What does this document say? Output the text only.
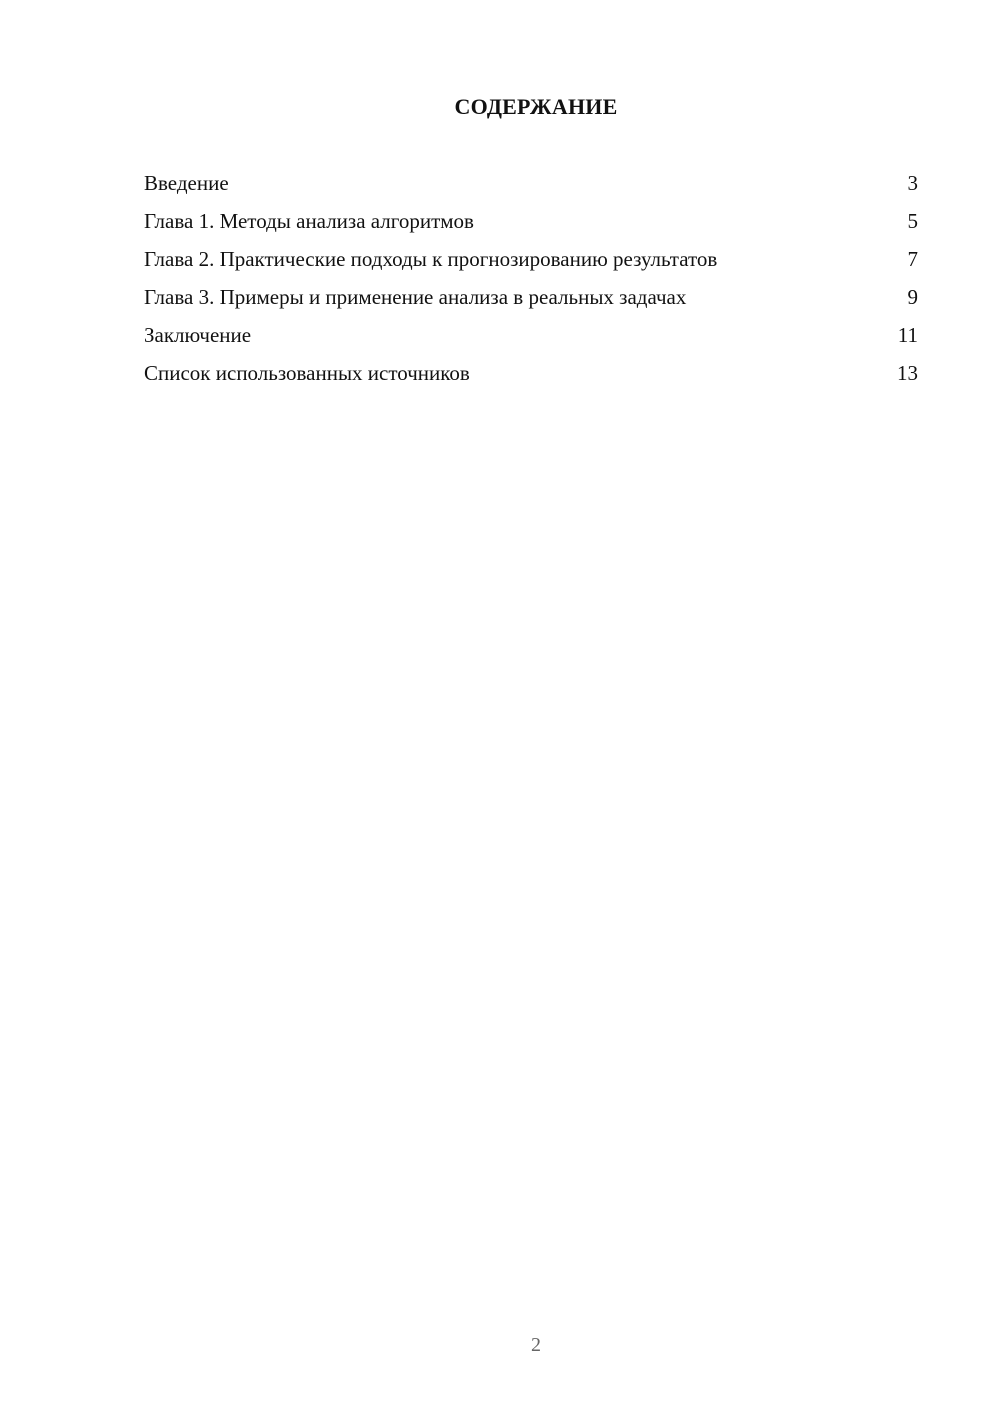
СОДЕРЖАНИЕ
Введение	3
Глава 1. Методы анализа алгоритмов	5
Глава 2. Практические подходы к прогнозированию результатов	7
Глава 3. Примеры и применение анализа в реальных задачах	9
Заключение	11
Список использованных источников	13
2
